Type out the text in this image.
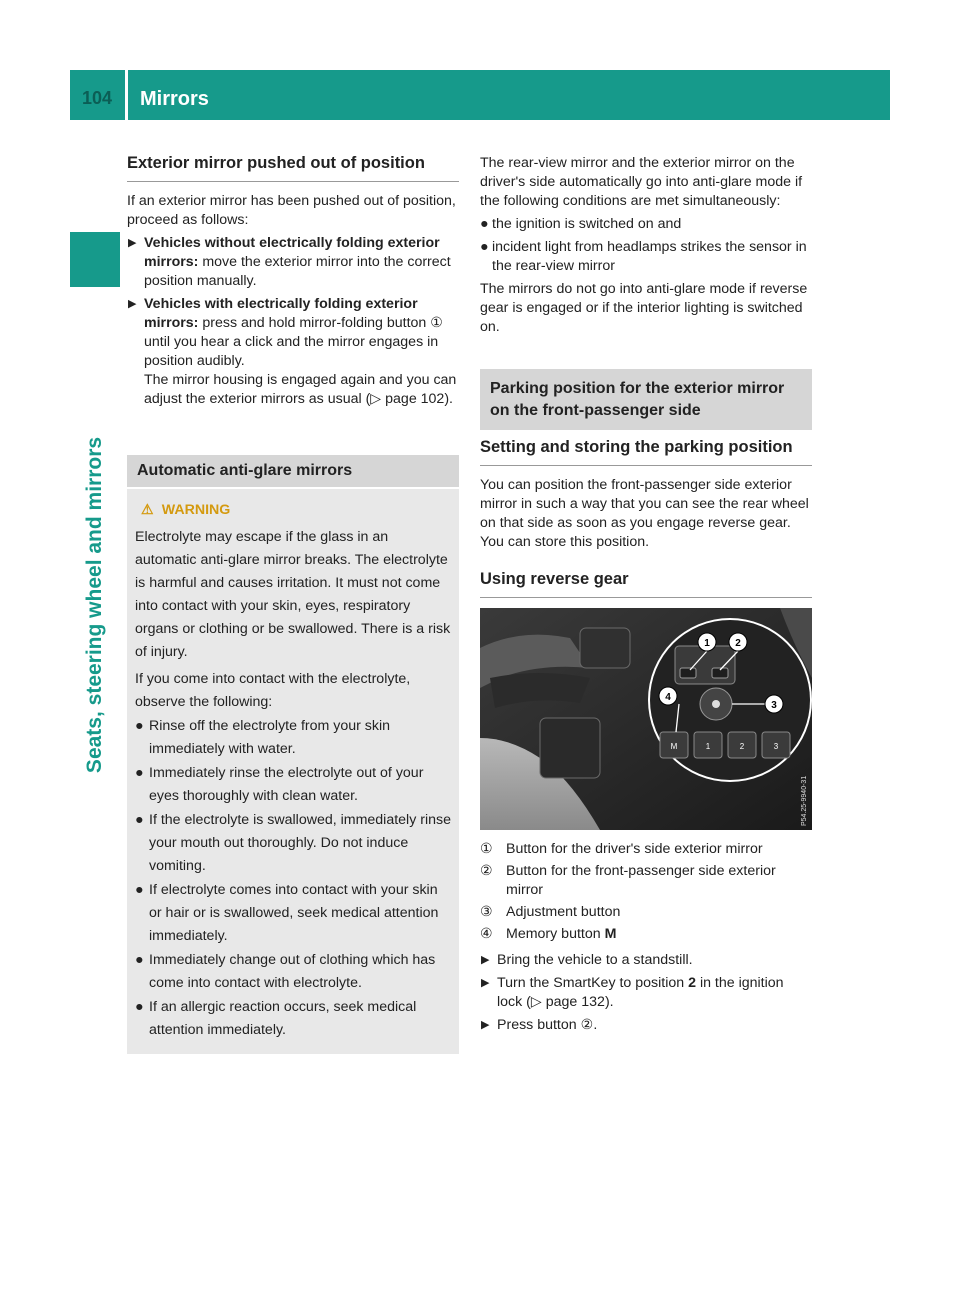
104 Mirrors
Seats, steering wheel and mirrors
Exterior mirror pushed out of position

If an exterior mirror has been pushed out of position, proceed as follows:

▶ Vehicles without electrically folding exterior mirrors: move the exterior mirror into the correct position manually.
▶ Vehicles with electrically folding exterior mirrors: press and hold mirror-folding button ① until you hear a click and the mirror engages in position audibly.
The mirror housing is engaged again and you can adjust the exterior mirrors as usual (▷ page 102).
Automatic anti-glare mirrors
⚠ WARNING

Electrolyte may escape if the glass in an automatic anti-glare mirror breaks. The electrolyte is harmful and causes irritation. It must not come into contact with your skin, eyes, respiratory organs or clothing or be swallowed. There is a risk of injury.

If you come into contact with the electrolyte, observe the following:

● Rinse off the electrolyte from your skin immediately with water.
● Immediately rinse the electrolyte out of your eyes thoroughly with clean water.
● If the electrolyte is swallowed, immediately rinse your mouth out thoroughly. Do not induce vomiting.
● If electrolyte comes into contact with your skin or hair or is swallowed, seek medical attention immediately.
● Immediately change out of clothing which has come into contact with electrolyte.
● If an allergic reaction occurs, seek medical attention immediately.

The rear-view mirror and the exterior mirror on the driver's side automatically go into anti-glare mode if the following conditions are met simultaneously:

● the ignition is switched on and
● incident light from headlamps strikes the sensor in the rear-view mirror

The mirrors do not go into anti-glare mode if reverse gear is engaged or if the interior lighting is switched on.

Parking position for the exterior mirror on the front-passenger side
Setting and storing the parking position

You can position the front-passenger side exterior mirror in such a way that you can see the rear wheel on that side as soon as you engage reverse gear. You can store this position.

Using reverse gear
M	1	2	3
1	2
3
4
P54.25-9940-31
① Button for the driver's side exterior mirror
② Button for the front-passenger side exterior mirror
③ Adjustment button
④ Memory button M
▶ Bring the vehicle to a standstill.
▶ Turn the SmartKey to position 2 in the ignition lock (▷ page 132).
▶ Press button ②.
